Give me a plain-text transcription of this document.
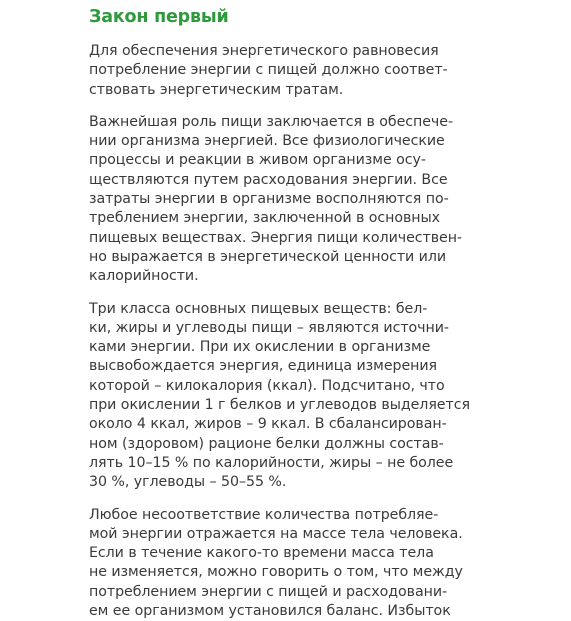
Закон первый

Для обеспечения энергетического равновесия
потребление энергии с пищей должно соответ-
ствовать энергетическим тратам.

Важнейшая роль пищи заключается в обеспече-
нии организма энергией. Все физиологические
процессы и реакции в живом организме осу-
ществляются путем расходования энергии. Все
затраты энергии в организме восполняются по-
треблением энергии, заключенной в основных
пищевых веществах. Энергия пищи количествен-
но выражается в энергетической ценности или
калорийности.

Три класса основных пищевых веществ: бел-
ки, жиры и углеводы пищи – являются источни-
ками энергии. При их окислении в организме
высвобождается энергия, единица измерения
которой – килокалория (ккал). Подсчитано, что
при окислении 1 г белков и углеводов выделяется
около 4 ккал, жиров – 9 ккал. В сбалансирован-
ном (здоровом) рационе белки должны состав-
лять 10–15 % по калорийности, жиры – не более
30 %, углеводы – 50–55 %.

Любое несоответствие количества потребляе-
мой энергии отражается на массе тела человека.
Если в течение какого-то времени масса тела
не изменяется, можно говорить о том, что между
потреблением энергии с пищей и расходовани-
ем ее организмом установился баланс. Избыток
